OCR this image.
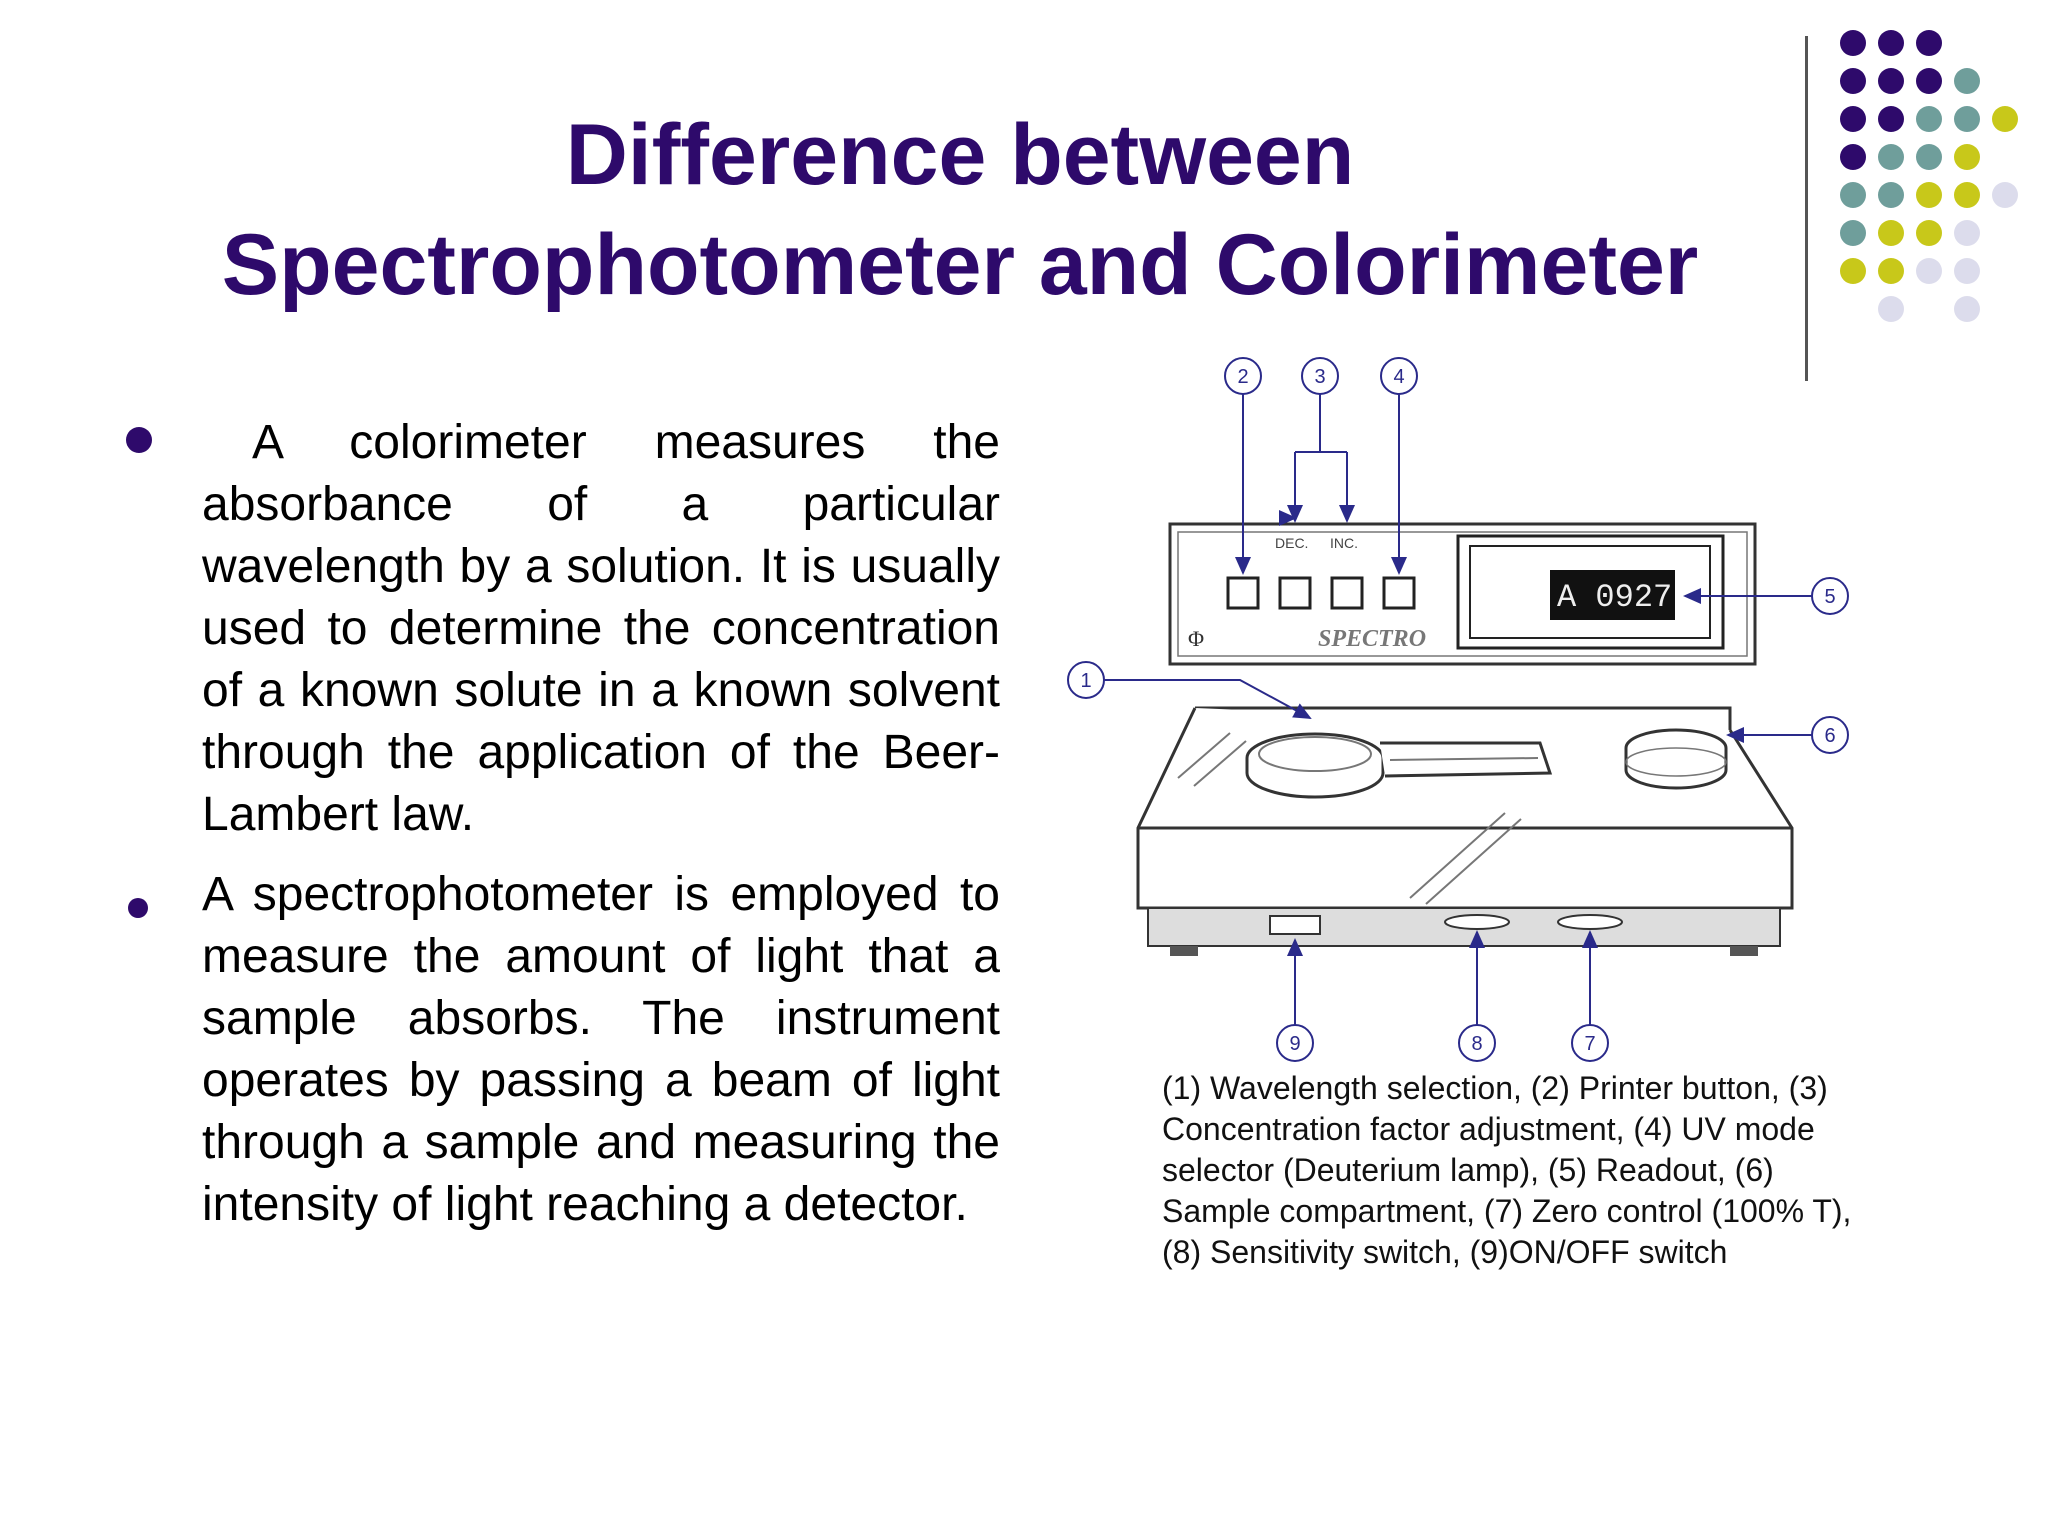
Difference between
Spectrophotometer and Colorimeter

A colorimeter measures the absorbance of a particular wavelength by a solution. It is usually used to determine the concentration of a known solute in a known solvent through the application of the Beer-Lambert law.

A spectrophotometer is employed to measure the amount of light that a sample absorbs. The instrument operates by passing a beam of light through a sample and measuring the intensity of light reaching a detector.

DEC. INC.
Φ
A 0927
SPECTRO
2	3	4
5
1
6
9	8	7
(1) Wavelength selection, (2) Printer button, (3) Concentration factor adjustment, (4) UV mode selector (Deuterium lamp), (5) Readout, (6) Sample compartment, (7) Zero control (100% T), (8) Sensitivity switch, (9)ON/OFF switch
